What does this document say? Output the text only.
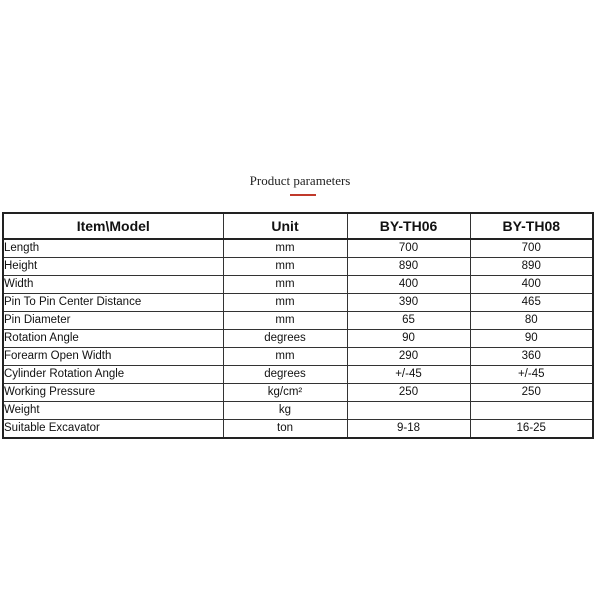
Product parameters
Item\Model	Unit	BY-TH06	BY-TH08
Length	mm	700	700
Height	mm	890	890
Width	mm	400	400
Pin To Pin Center Distance	mm	390	465
Pin Diameter	mm	65	80
Rotation Angle	degrees	90	90
Forearm Open Width	mm	290	360
Cylinder Rotation Angle	degrees	+/-45	+/-45
Working Pressure	kg/cm²	250	250
Weight	kg		
Suitable Excavator	ton	9-18	16-25
